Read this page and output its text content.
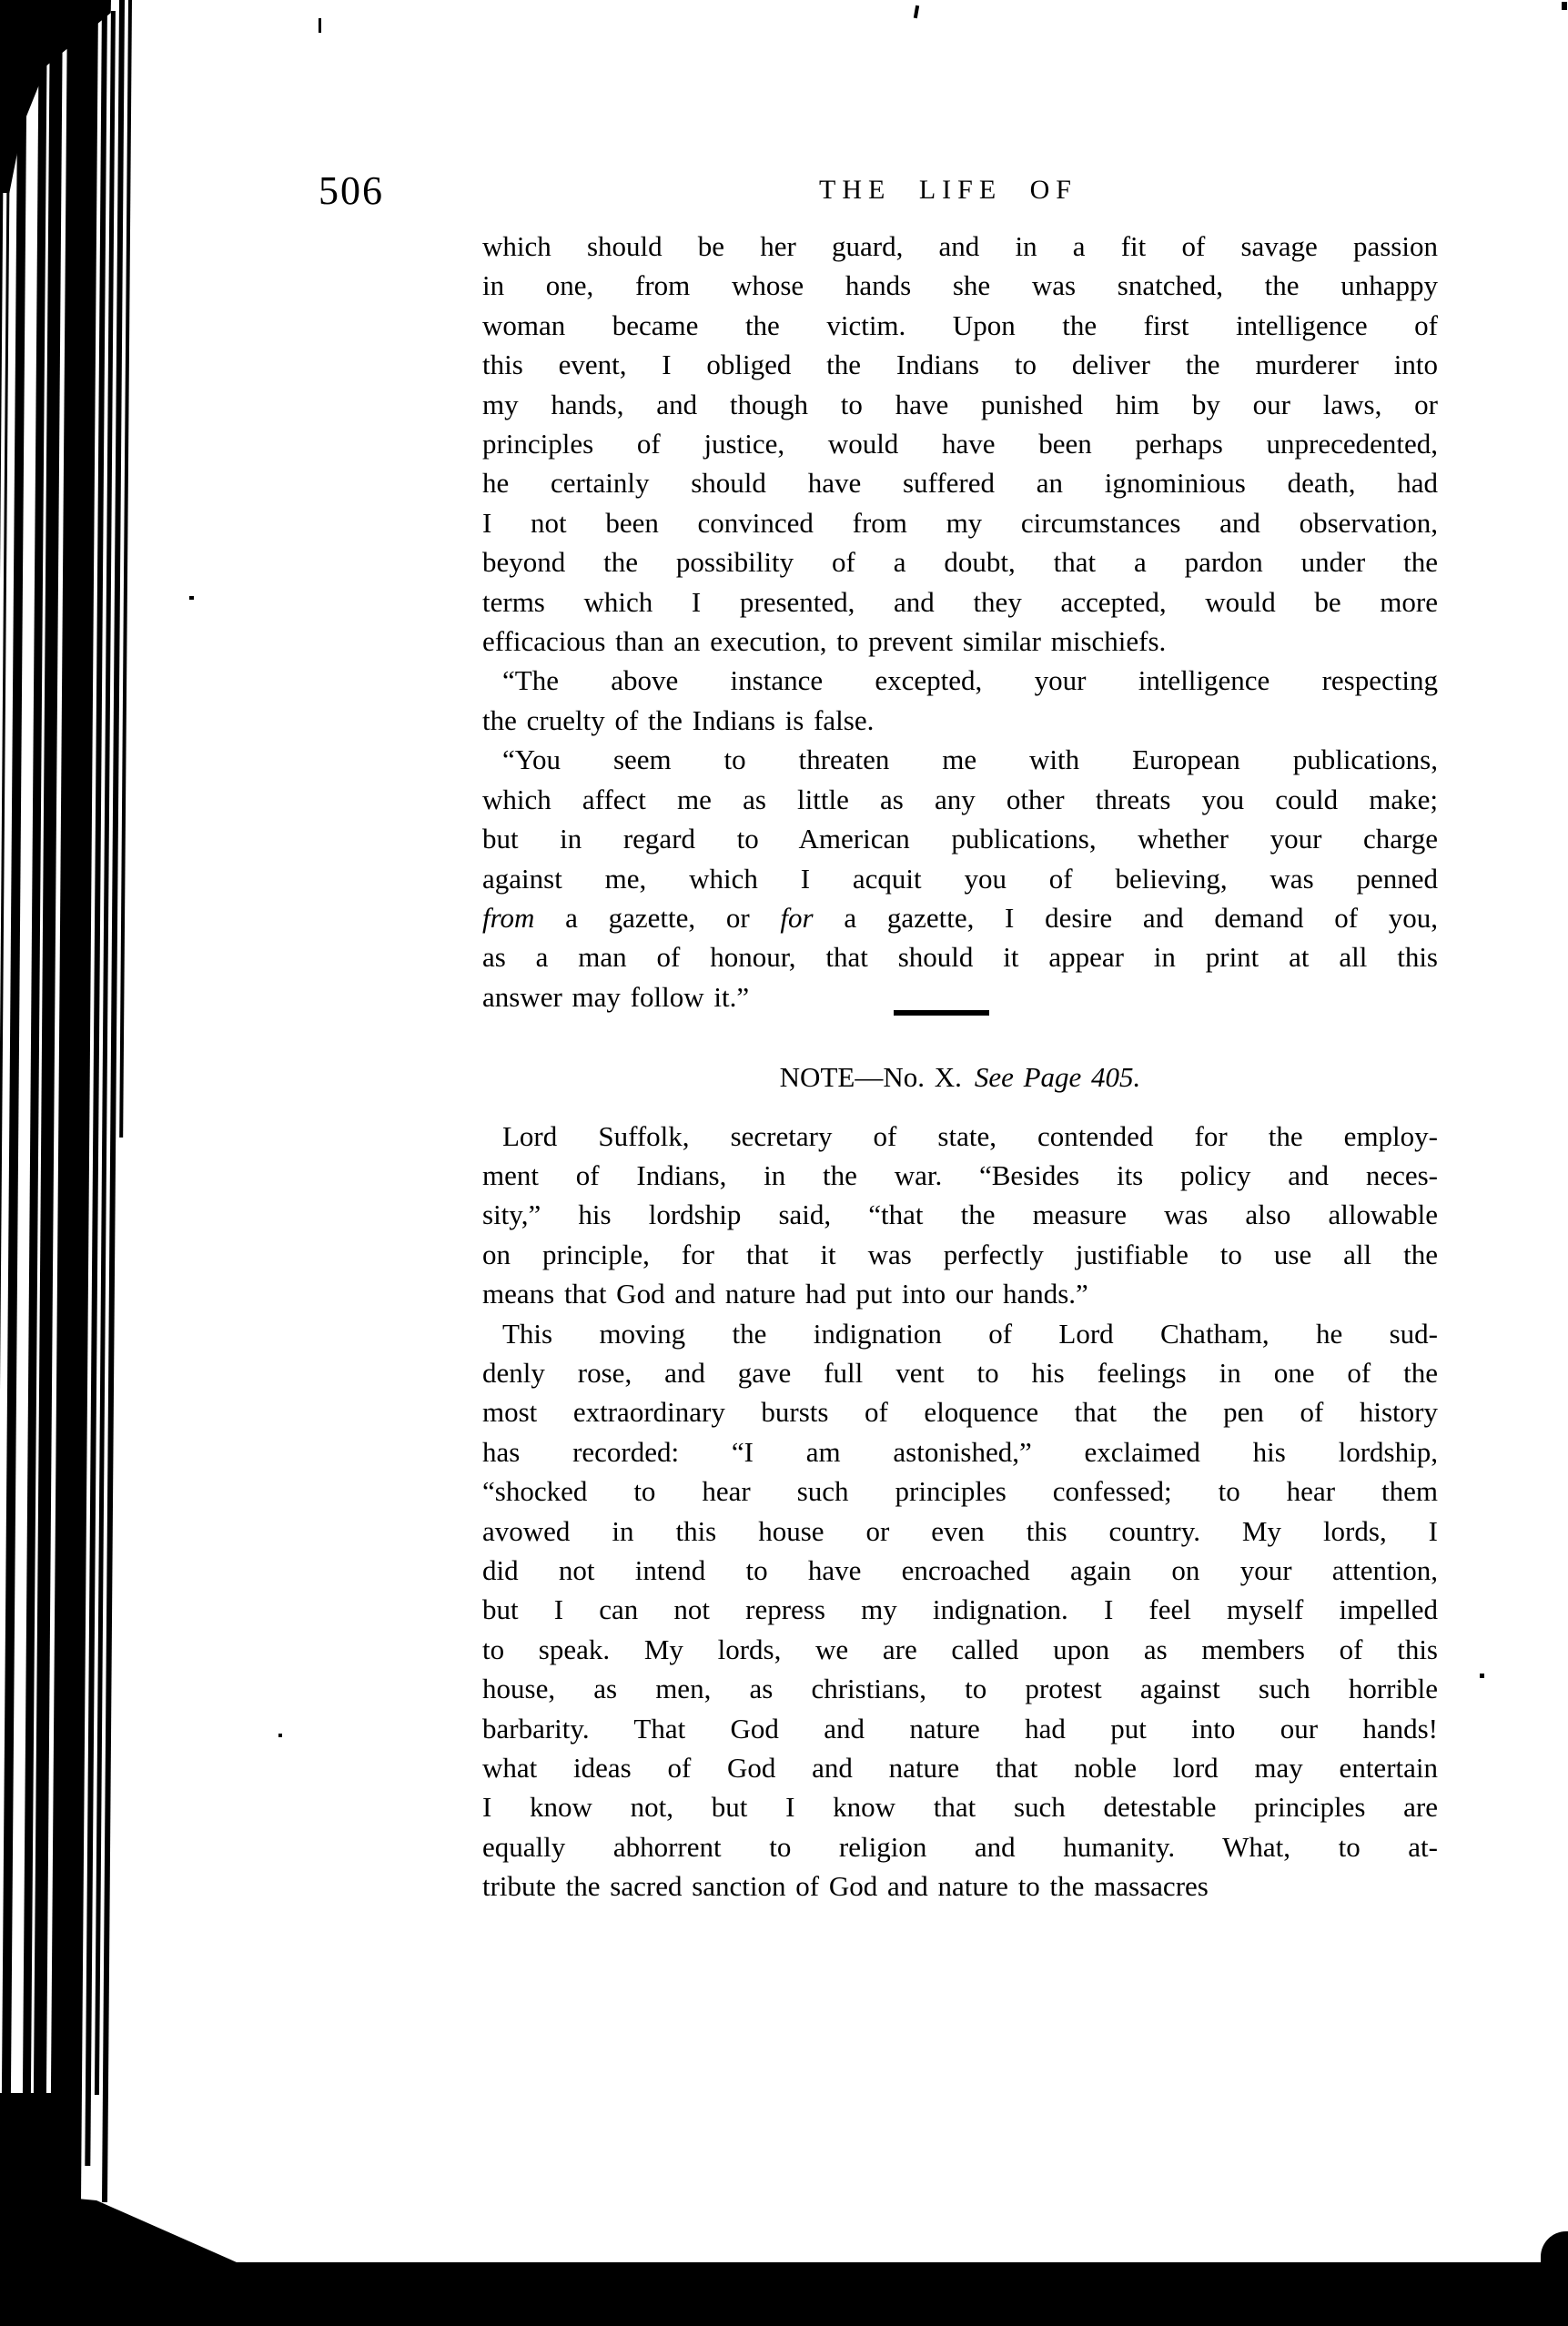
506	THE LIFE OF
which should be her guard, and in a fit of savage passion
in one, from whose hands she was snatched, the unhappy
woman became the victim. Upon the first intelligence of
this event, I obliged the Indians to deliver the murderer into
my hands, and though to have punished him by our laws, or
principles of justice, would have been perhaps unprecedented,
he certainly should have suffered an ignominious death, had
I not been convinced from my circumstances and observation,
beyond the possibility of a doubt, that a pardon under the
terms which I presented, and they accepted, would be more
efficacious than an execution, to prevent similar mischiefs.
“The above instance excepted, your intelligence respecting
the cruelty of the Indians is false.
“You seem to threaten me with European publications,
which affect me as little as any other threats you could make;
but in regard to American publications, whether your charge
against me, which I acquit you of believing, was penned
from a gazette, or for a gazette, I desire and demand of you,
as a man of honour, that should it appear in print at all this
answer may follow it.”
NOTE—No. X. See Page 405.
Lord Suffolk, secretary of state, contended for the employ-
ment of Indians, in the war. “Besides its policy and neces-
sity,” his lordship said, “that the measure was also allowable
on principle, for that it was perfectly justifiable to use all the
means that God and nature had put into our hands.”
This moving the indignation of Lord Chatham, he sud-
denly rose, and gave full vent to his feelings in one of the
most extraordinary bursts of eloquence that the pen of history
has recorded: “I am astonished,” exclaimed his lordship,
“shocked to hear such principles confessed; to hear them
avowed in this house or even this country. My lords, I
did not intend to have encroached again on your attention,
but I can not repress my indignation. I feel myself impelled
to speak. My lords, we are called upon as members of this
house, as men, as christians, to protest against such horrible
barbarity. That God and nature had put into our hands!
what ideas of God and nature that noble lord may entertain
I know not, but I know that such detestable principles are
equally abhorrent to religion and humanity. What, to at-
tribute the sacred sanction of God and nature to the massacres
